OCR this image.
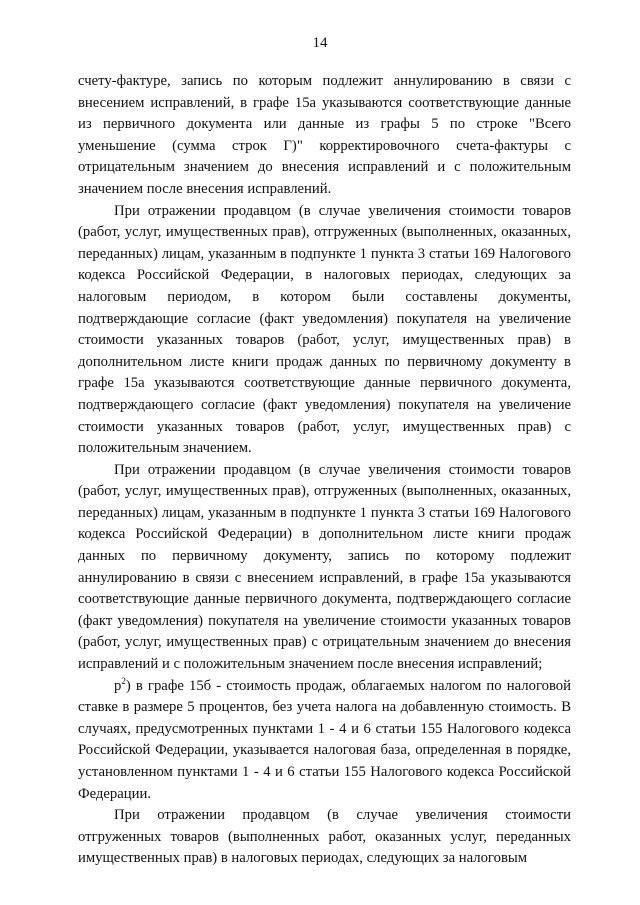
14

счету-фактуре, запись по которым подлежит аннулированию в связи с внесением исправлений, в графе 15а указываются соответствующие данные из первичного документа или данные из графы 5 по строке "Всего уменьшение (сумма строк Г)" корректировочного счета-фактуры с отрицательным значением до внесения исправлений и с положительным значением после внесения исправлений.

При отражении продавцом (в случае увеличения стоимости товаров (работ, услуг, имущественных прав), отгруженных (выполненных, оказанных, переданных) лицам, указанным в подпункте 1 пункта 3 статьи 169 Налогового кодекса Российской Федерации, в налоговых периодах, следующих за налоговым периодом, в котором были составлены документы, подтверждающие согласие (факт уведомления) покупателя на увеличение стоимости указанных товаров (работ, услуг, имущественных прав) в дополнительном листе книги продаж данных по первичному документу в графе 15а указываются соответствующие данные первичного документа, подтверждающего согласие (факт уведомления) покупателя на увеличение стоимости указанных товаров (работ, услуг, имущественных прав) с положительным значением.

При отражении продавцом (в случае увеличения стоимости товаров (работ, услуг, имущественных прав), отгруженных (выполненных, оказанных, переданных) лицам, указанным в подпункте 1 пункта 3 статьи 169 Налогового кодекса Российской Федерации) в дополнительном листе книги продаж данных по первичному документу, запись по которому подлежит аннулированию в связи с внесением исправлений, в графе 15а указываются соответствующие данные первичного документа, подтверждающего согласие (факт уведомления) покупателя на увеличение стоимости указанных товаров (работ, услуг, имущественных прав) с отрицательным значением до внесения исправлений и с положительным значением после внесения исправлений;

$р^2$) в графе 15б - стоимость продаж, облагаемых налогом по налоговой ставке в размере 5 процентов, без учета налога на добавленную стоимость. В случаях, предусмотренных пунктами 1 - 4 и 6 статьи 155 Налогового кодекса Российской Федерации, указывается налоговая база, определенная в порядке, установленном пунктами 1 - 4 и 6 статьи 155 Налогового кодекса Российской Федерации.

При отражении продавцом (в случае увеличения стоимости отгруженных товаров (выполненных работ, оказанных услуг, переданных имущественных прав) в налоговых периодах, следующих за налоговым
